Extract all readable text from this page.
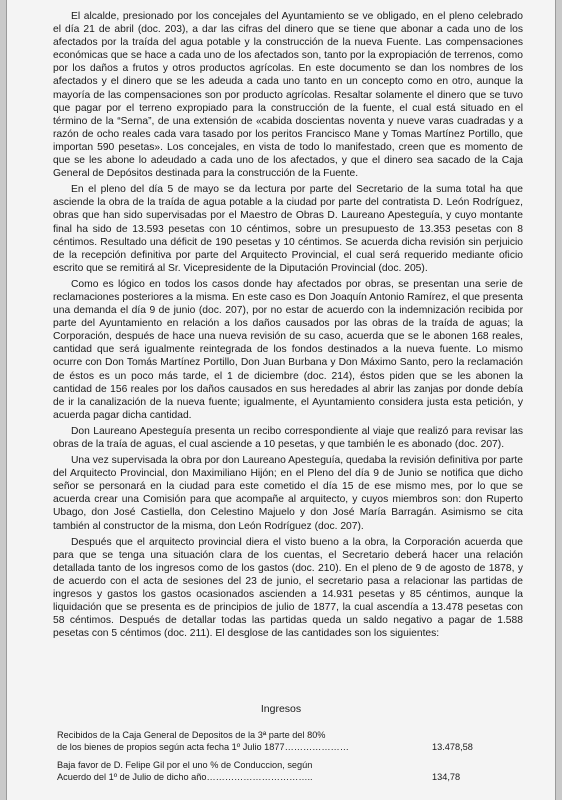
El alcalde, presionado por los concejales del Ayuntamiento se ve obligado, en el pleno celebrado el día 21 de abril (doc. 203), a dar las cifras del dinero que se tiene que abonar a cada uno de los afectados por la traída del agua potable y la construcción de la nueva Fuente. Las compensaciones económicas que se hace a cada uno de los afectados son, tanto por la expropiación de terrenos, como por los daños a frutos y otros productos agrícolas. En este documento se dan los nombres de los afectados y el dinero que se les adeuda a cada uno tanto en un concepto como en otro, aunque la mayoría de las compensaciones son por producto agrícolas. Resaltar solamente el dinero que se tuvo que pagar por el terreno expropiado para la construcción de la fuente, el cual está situado en el término de la “Serna”, de una extensión de «cabida doscientas noventa y nueve varas cuadradas y a razón de ocho reales cada vara tasado por los peritos Francisco Mane y Tomas Martínez Portillo, que importan 590 pesetas». Los concejales, en vista de todo lo manifestado, creen que es momento de que se les abone lo adeudado a cada uno de los afectados, y que el dinero sea sacado de la Caja General de Depósitos destinada para la construcción de la Fuente.

En el pleno del día 5 de mayo se da lectura por parte del Secretario de la suma total ha que asciende la obra de la traída de agua potable a la ciudad por parte del contratista D. León Rodríguez, obras que han sido supervisadas por el Maestro de Obras D. Laureano Apesteguía, y cuyo montante final ha sido de 13.593 pesetas con 10 céntimos, sobre un presupuesto de 13.353 pesetas con 8 céntimos. Resultado una déficit de 190 pesetas y 10 céntimos. Se acuerda dicha revisión sin perjuicio de la recepción definitiva por parte del Arquitecto Provincial, el cual será requerido mediante oficio escrito que se remitirá al Sr. Vicepresidente de la Diputación Provincial (doc. 205).

Como es lógico en todos los casos donde hay afectados por obras, se presentan una serie de reclamaciones posteriores a la misma. En este caso es Don Joaquín Antonio Ramírez, el que presenta una demanda el día 9 de junio (doc. 207), por no estar de acuerdo con la indemnización recibida por parte del Ayuntamiento en relación a los daños causados por las obras de la traída de aguas; la Corporación, después de hace una nueva revisión de su caso, acuerda que se le abonen 168 reales, cantidad que será igualmente reintegrada de los fondos destinados a la nueva fuente. Lo mismo ocurre con Don Tomás Martínez Portillo, Don Juan Burbana y Don Máximo Santo, pero la reclamación de éstos es un poco más tarde, el 1 de diciembre (doc. 214), éstos piden que se les abonen la cantidad de 156 reales por los daños causados en sus heredades al abrir las zanjas por donde debía de ir la canalización de la nueva fuente; igualmente, el Ayuntamiento considera justa esta petición, y acuerda pagar dicha cantidad.

Don Laureano Apesteguía presenta un recibo correspondiente al viaje que realizó para revisar las obras de la traía de aguas, el cual asciende a 10 pesetas, y que también le es abonado (doc. 207).

Una vez supervisada la obra por don Laureano Apesteguía, quedaba la revisión definitiva por parte del Arquitecto Provincial, don Maximiliano Hijón; en el Pleno del día 9 de Junio se notifica que dicho señor se personará en la ciudad para este cometido el día 15 de ese mismo mes, por lo que se acuerda crear una Comisión para que acompañe al arquitecto, y cuyos miembros son: don Ruperto Ubago, don José Castiella, don Celestino Majuelo y don José María Barragán. Asimismo se cita también al constructor de la misma, don León Rodríguez (doc. 207).

Después que el arquitecto provincial diera el visto bueno a la obra, la Corporación acuerda que para que se tenga una situación clara de los cuentas, el Secretario deberá hacer una relación detallada tanto de los ingresos como de los gastos (doc. 210). En el pleno de 9 de agosto de 1878, y de acuerdo con el acta de sesiones del 23 de junio, el secretario pasa a relacionar las partidas de ingresos y gastos los gastos ocasionados ascienden a 14.931 pesetas y 85 céntimos, aunque la liquidación que se presenta es de principios de julio de 1877, la cual ascendía a 13.478 pesetas con 58 céntimos. Después de detallar todas las partidas queda un saldo negativo a pagar de 1.588 pesetas con 5 céntimos (doc. 211). El desglose de las cantidades son los siguientes:

Ingresos
Recibidos de la Caja General de Depositos de la 3ª parte del 80%
de los bienes de propios según acta fecha 1º Julio 1877…………………	13.478,58
Baja favor de D. Felipe Gil por el uno % de Conduccion, según
Acuerdo del 1º de Julio de dicho año……………………………..	134,78
